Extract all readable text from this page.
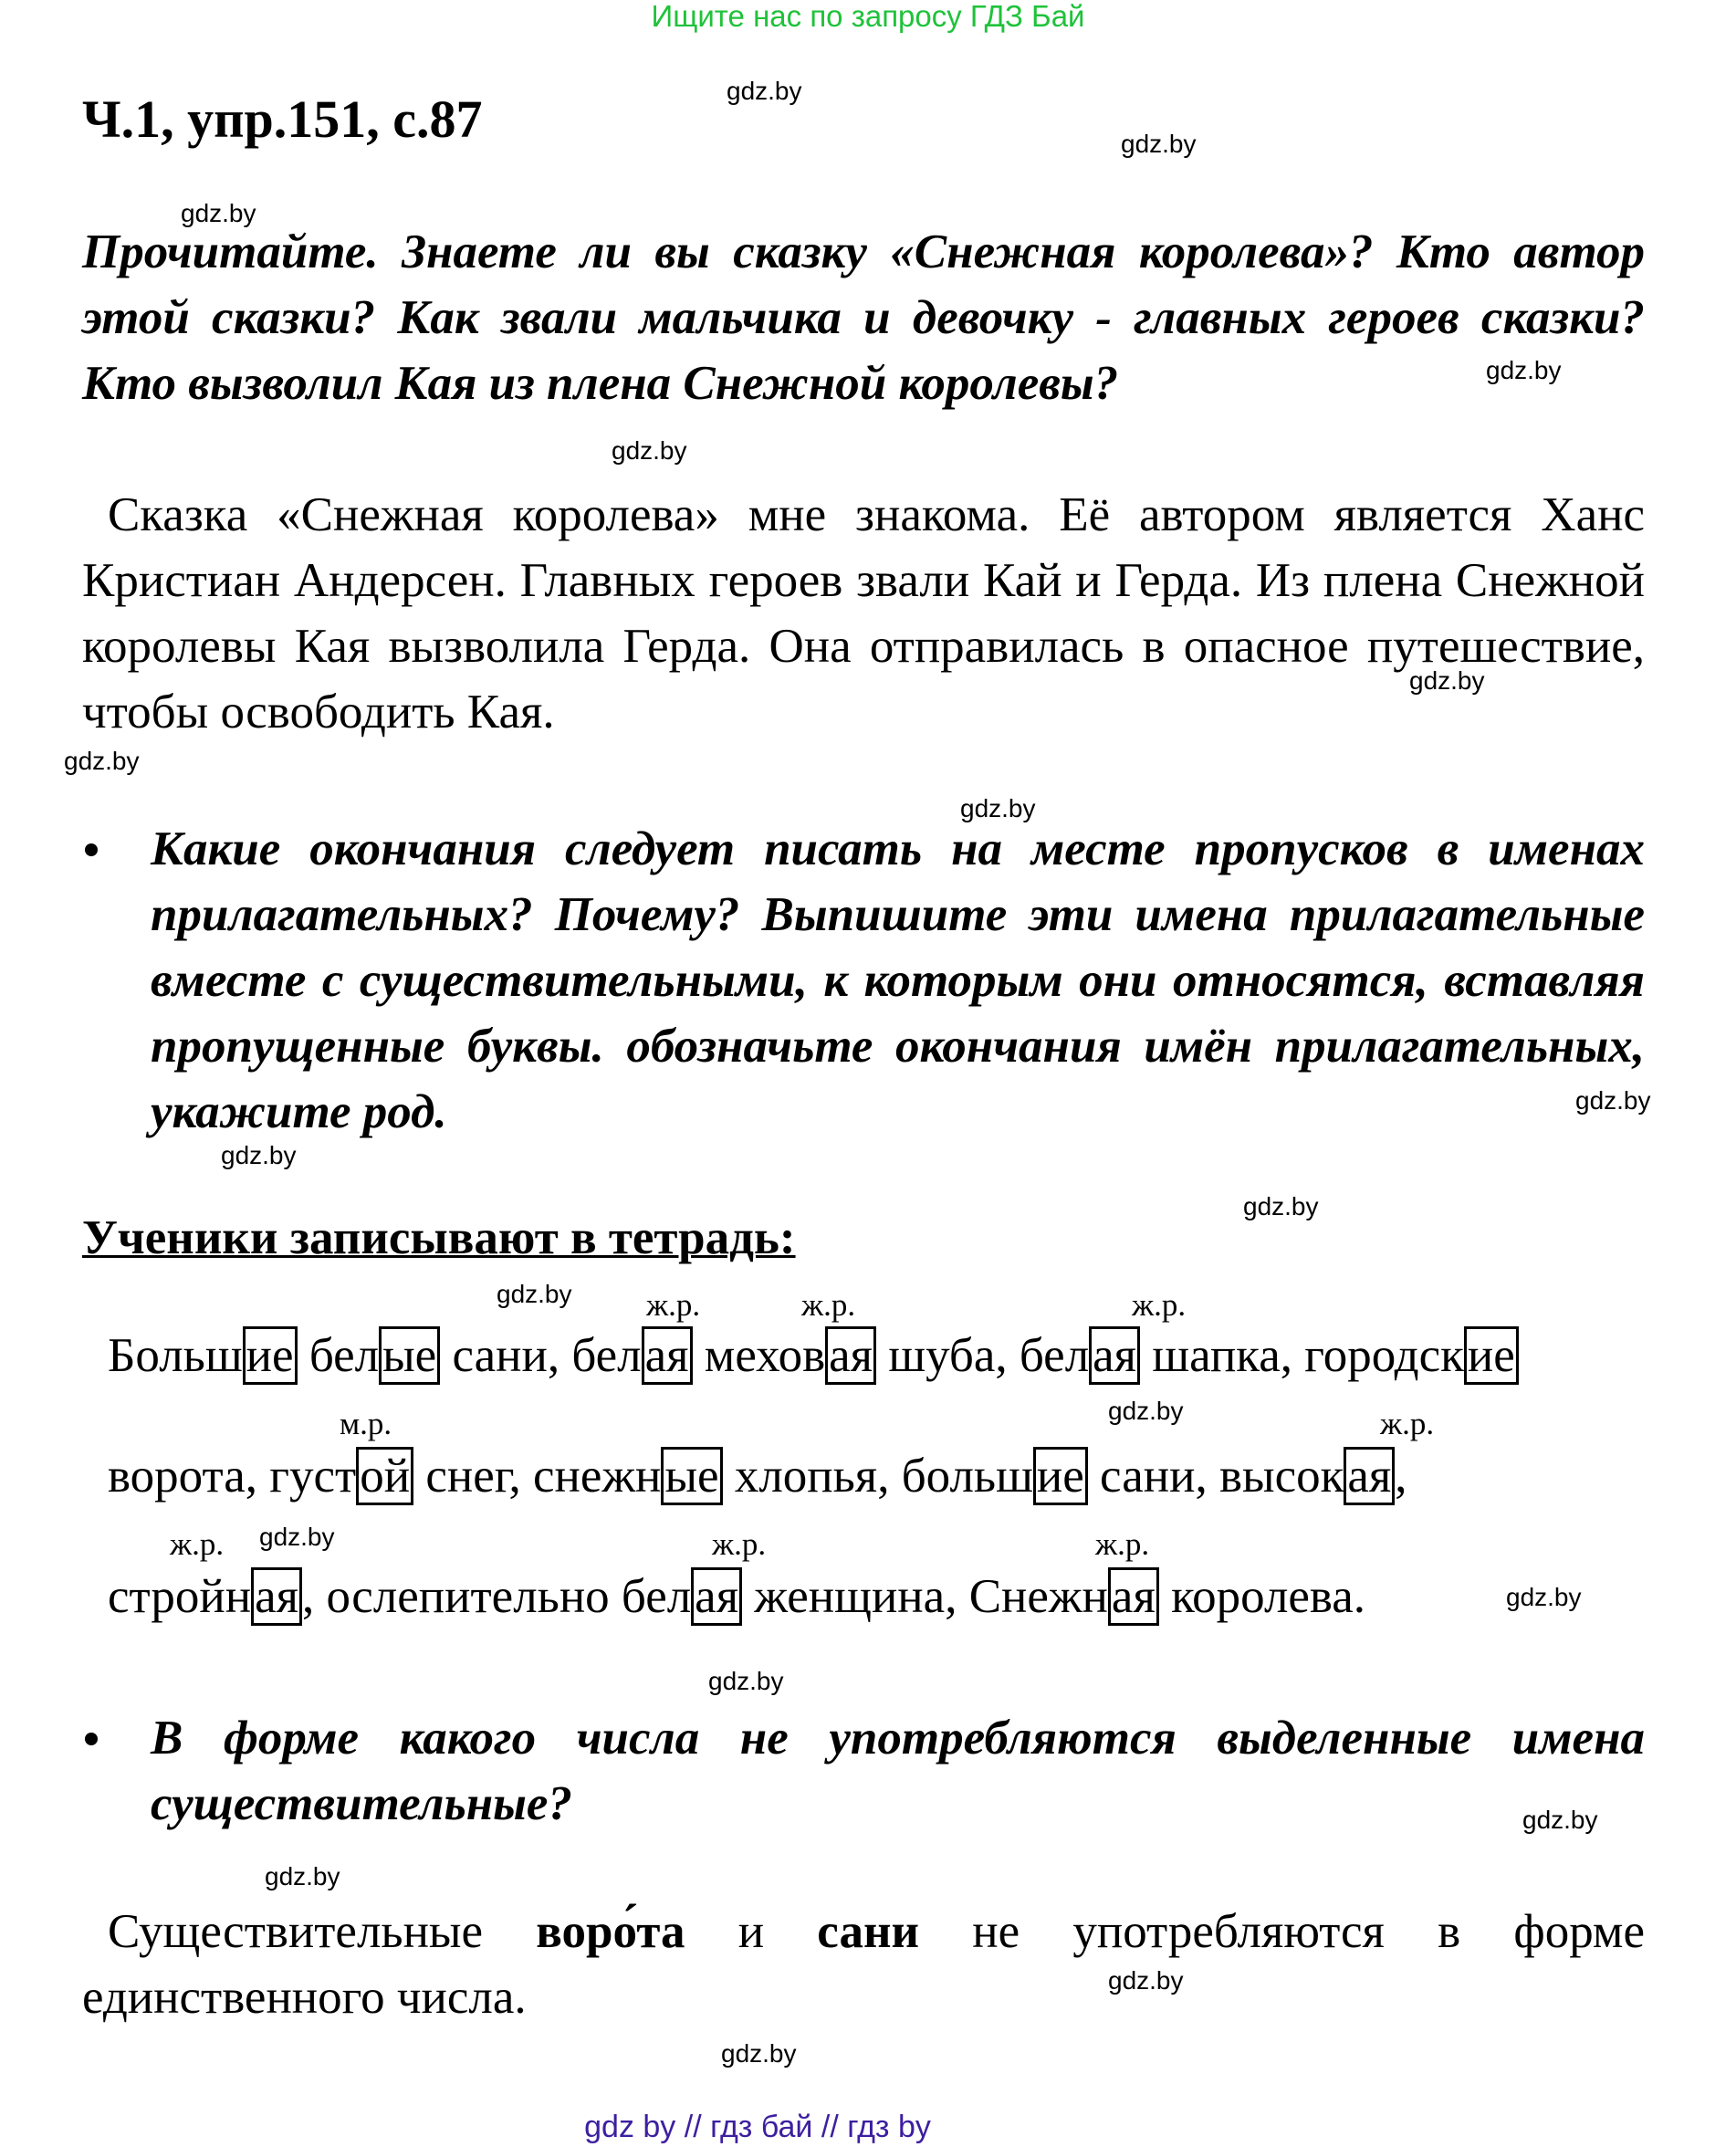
Ищите нас по запросу ГДЗ Бай
Ч.1, упр.151, с.87
Прочитайте. Знаете ли вы сказку «Снежная королева»? Кто автор этой сказки? Как звали мальчика и девочку - главных героев сказки? Кто вызволил Кая из плена Снежной королевы?
Сказка «Снежная королева» мне знакома. Её автором является Ханс Кристиан Андерсен. Главных героев звали Кай и Герда. Из плена Снежной королевы Кая вызволила Герда. Она отправилась в опасное путешествие, чтобы освободить Кая.
Какие окончания следует писать на месте пропусков в именах прилагательных? Почему? Выпишите эти имена прилагательные вместе с существительными, к которым они относятся, вставляя пропущенные буквы. обозначьте окончания имён прилагательных, укажите род.
Ученики записывают в тетрадь:
ж.р.	ж.р.	ж.р.
м.р.	ж.р.
ж.р.	ж.р.	ж.р.
Большие белые сани, белая меховая шуба, белая шапка, городские
ворота, густой снег, снежные хлопья, большие сани, высокая,
стройная, ослепительно белая женщина, Снежная королева.
В форме какого числа не употребляются выделенные имена существительные?
Существительные воро́та и сани не употребляются в форме единственного числа.
gdz.by
gdz.by
gdz.by
gdz.by
gdz.by
gdz.by
gdz.by
gdz.by
gdz.by
gdz.by
gdz.by
gdz.by
gdz.by
gdz.by
gdz.by
gdz.by
gdz.by
gdz.by
gdz.by
gdz.by
gdz by // гдз бай // гдз by
